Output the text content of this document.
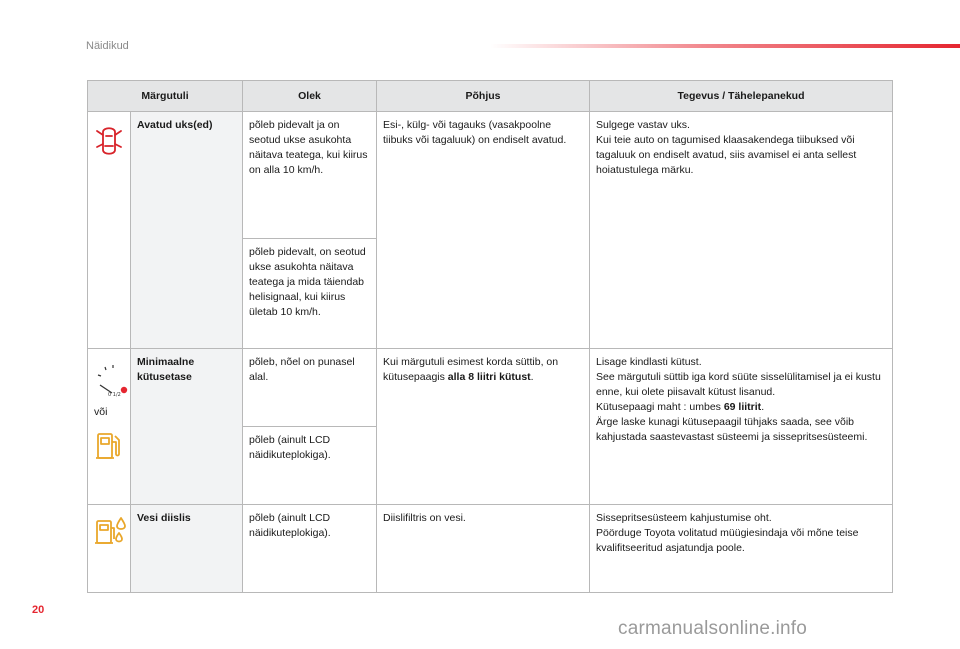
Näidikud
Märgutuli		Olek	Põhjus	Tegevus / Tähelepanekud

	Avatud uks(ed)	põleb pidevalt ja on seotud ukse asukohta näitava teatega, kui kiirus on alla 10 km/h.	Esi-, külg- või tagauks (vasakpoolne tiibuks või tagaluuk) on endiselt avatud.	Sulgege vastav uks.
Kui teie auto on tagumised klaasakendega tiibuksed või tagaluuk on endiselt avatud, siis avamisel ei anta sellest hoiatustulega märku.
		põleb pidevalt, on seotud ukse asukohta näitava teatega ja mida täiendab helisignaal, kui kiirus ületab 10 km/h.		

0 1/2
või	Minimaalne kütusetase	põleb, nõel on punasel alal.	Kui märgutuli esimest korda süttib, on kütusepaagis alla 8 liitri kütust.	Lisage kindlasti kütust.
See märgutuli süttib iga kord süüte sisselülitamisel ja ei kustu enne, kui olete piisavalt kütust lisanud.
Kütusepaagi maht : umbes 69 liitrit.
Ärge laske kunagi kütusepaagil tühjaks saada, see võib kahjustada saastevastast süsteemi ja sissepritsesüsteemi.
		põleb (ainult LCD näidikuteplokiga).		

	Vesi diislis	põleb (ainult LCD näidikuteplokiga).	Diislifiltris on vesi.	Sissepritsesüsteem kahjustumise oht.
Pöörduge Toyota volitatud müügiesindaja või mõne teise kvalifitseeritud asjatundja poole.
20
carmanualsonline.info
